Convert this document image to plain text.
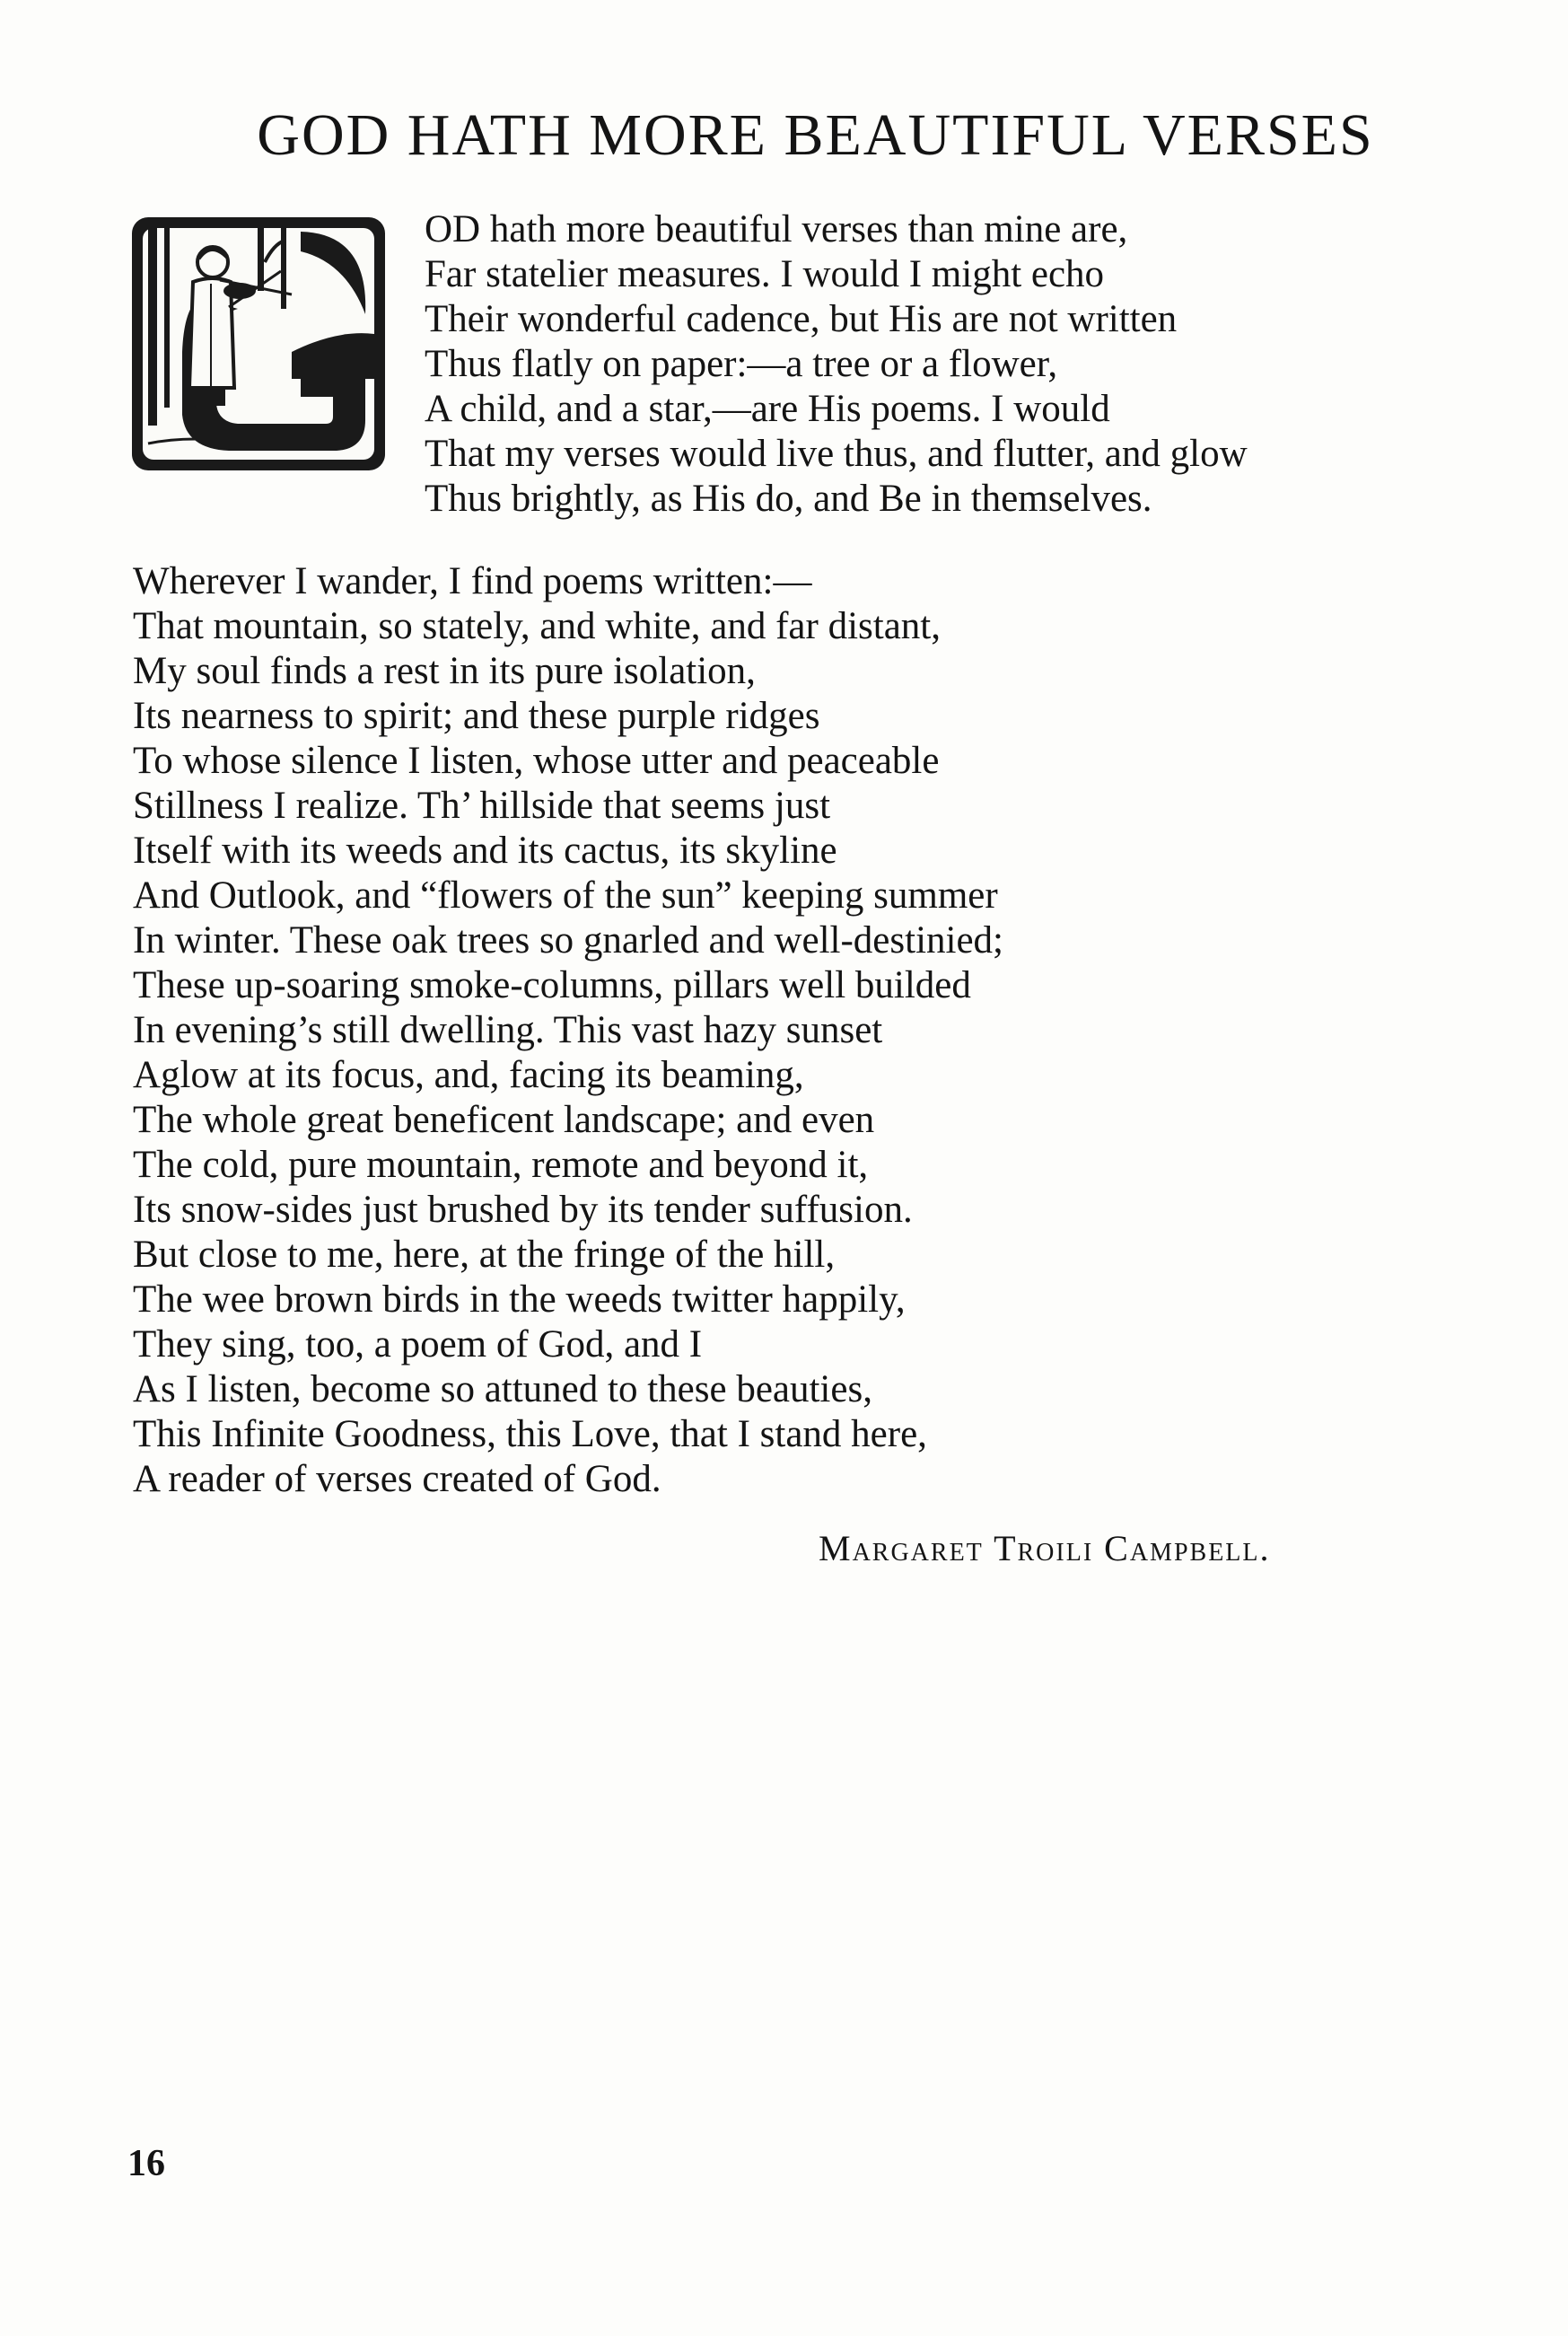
GOD HATH MORE BEAUTIFUL VERSES
OD hath more beautiful verses than mine are,
Far statelier measures. I would I might echo
Their wonderful cadence, but His are not written
Thus flatly on paper:—a tree or a flower,
A child, and a star,—are His poems. I would
That my verses would live thus, and flutter, and glow
Thus brightly, as His do, and Be in themselves.
Wherever I wander, I find poems written:—
That mountain, so stately, and white, and far distant,
My soul finds a rest in its pure isolation,
Its nearness to spirit; and these purple ridges
To whose silence I listen, whose utter and peaceable
Stillness I realize. Th’ hillside that seems just
Itself with its weeds and its cactus, its skyline
And Outlook, and “flowers of the sun” keeping summer
In winter. These oak trees so gnarled and well-destinied;
These up-soaring smoke-columns, pillars well builded
In evening’s still dwelling. This vast hazy sunset
Aglow at its focus, and, facing its beaming,
The whole great beneficent landscape; and even
The cold, pure mountain, remote and beyond it,
Its snow-sides just brushed by its tender suffusion.
But close to me, here, at the fringe of the hill,
The wee brown birds in the weeds twitter happily,
They sing, too, a poem of God, and I
As I listen, become so attuned to these beauties,
This Infinite Goodness, this Love, that I stand here,
A reader of verses created of God.
Margaret Troili Campbell.
16
